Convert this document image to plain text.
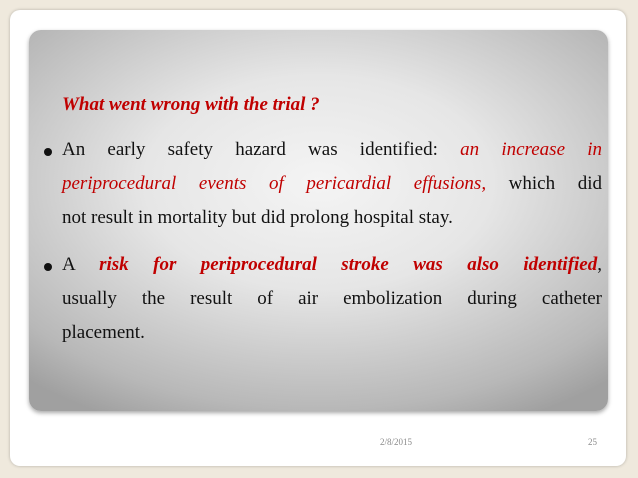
What went wrong with the trial ?

An early safety hazard was identified: an increase in
periprocedural events of pericardial effusions, which did
not result in mortality but did prolong hospital stay.
A risk for periprocedural stroke was also identified,
usually the result of air embolization during catheter
placement.
2/8/2015	25
